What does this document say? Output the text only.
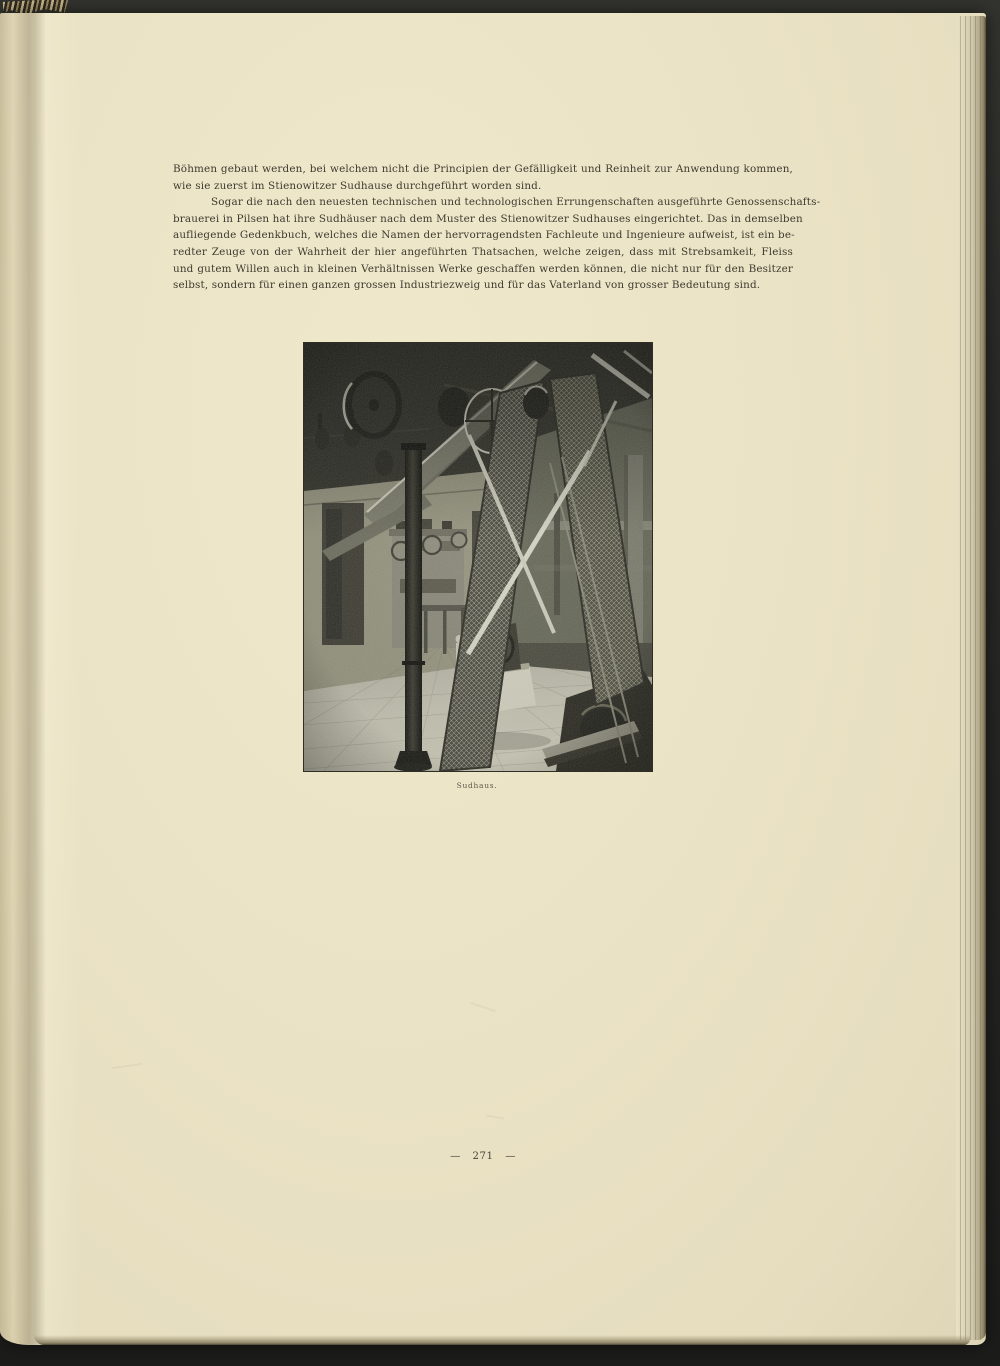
Böhmen gebaut werden, bei welchem nicht die Principien der Gefälligkeit und Reinheit zur Anwendung kommen,
wie sie zuerst im Stienowitzer Sudhause durchgeführt worden sind.
Sogar die nach den neuesten technischen und technologischen Errungenschaften ausgeführte Genossenschafts-
brauerei in Pilsen hat ihre Sudhäuser nach dem Muster des Stienowitzer Sudhauses eingerichtet. Das in demselben
aufliegende Gedenkbuch, welches die Namen der hervorragendsten Fachleute und Ingenieure aufweist, ist ein be-
redter Zeuge von der Wahrheit der hier angeführten Thatsachen, welche zeigen, dass mit Strebsamkeit, Fleiss
und gutem Willen auch in kleinen Verhältnissen Werke geschaffen werden können, die nicht nur für den Besitzer
selbst, sondern für einen ganzen grossen Industriezweig und für das Vaterland von grosser Bedeutung sind.
Sudhaus.
— 271 —
